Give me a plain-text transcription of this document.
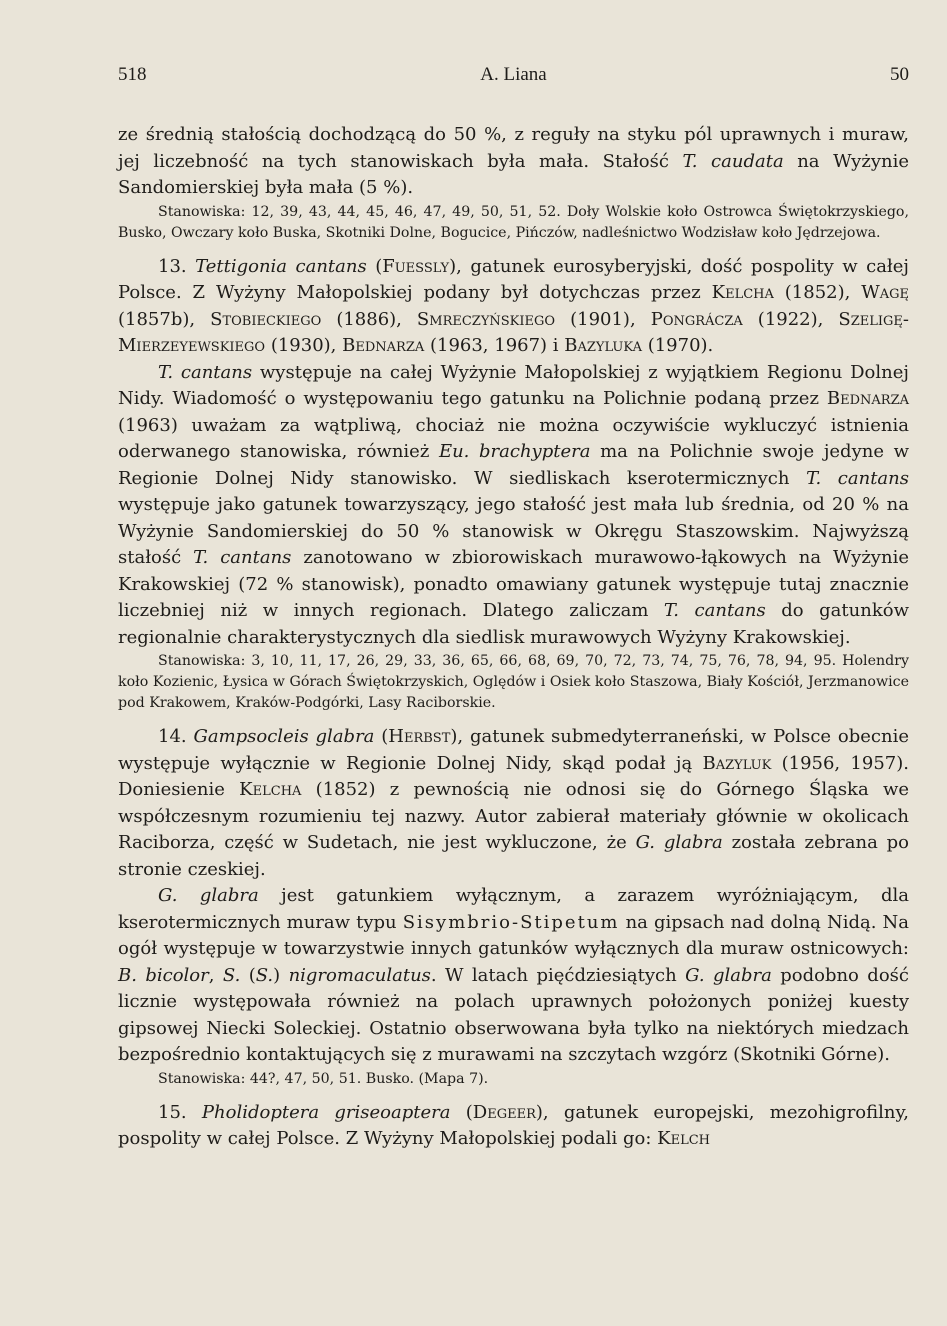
518	A. Liana	50

ze średnią stałością dochodzącą do 50 %, z reguły na styku pól uprawnych i muraw, jej liczebność na tych stanowiskach była mała. Stałość T. caudata na Wyżynie Sandomierskiej była mała (5 %).

Stanowiska: 12, 39, 43, 44, 45, 46, 47, 49, 50, 51, 52. Doły Wolskie koło Ostrowca Świętokrzyskiego, Busko, Owczary koło Buska, Skotniki Dolne, Bogucice, Pińczów, nadleśnictwo Wodzisław koło Jędrzejowa.

13. Tettigonia cantans (Fuessly), gatunek eurosyberyjski, dość pospolity w całej Polsce. Z Wyżyny Małopolskiej podany był dotychczas przez Kelcha (1852), Wagę (1857b), Stobieckiego (1886), Smreczyńskiego (1901), Pongrácza (1922), Szeligę-Mierzeyewskiego (1930), Bednarza (1963, 1967) i Bazyluka (1970).

T. cantans występuje na całej Wyżynie Małopolskiej z wyjątkiem Regionu Dolnej Nidy. Wiadomość o występowaniu tego gatunku na Polichnie podaną przez Bednarza (1963) uważam za wątpliwą, chociaż nie można oczywiście wykluczyć istnienia oderwanego stanowiska, również Eu. brachyptera ma na Polichnie swoje jedyne w Regionie Dolnej Nidy stanowisko. W siedliskach kserotermicznych T. cantans występuje jako gatunek towarzyszący, jego stałość jest mała lub średnia, od 20 % na Wyżynie Sandomierskiej do 50 % stanowisk w Okręgu Staszowskim. Najwyższą stałość T. cantans zanotowano w zbiorowiskach murawowo-łąkowych na Wyżynie Krakowskiej (72 % stanowisk), ponadto omawiany gatunek występuje tutaj znacznie liczebniej niż w innych regionach. Dlatego zaliczam T. cantans do gatunków regionalnie charakterystycznych dla siedlisk murawowych Wyżyny Krakowskiej.

Stanowiska: 3, 10, 11, 17, 26, 29, 33, 36, 65, 66, 68, 69, 70, 72, 73, 74, 75, 76, 78, 94, 95. Holendry koło Kozienic, Łysica w Górach Świętokrzyskich, Oględów i Osiek koło Staszowa, Biały Kościół, Jerzmanowice pod Krakowem, Kraków-Podgórki, Lasy Raciborskie.

14. Gampsocleis glabra (Herbst), gatunek submedyterraneński, w Polsce obecnie występuje wyłącznie w Regionie Dolnej Nidy, skąd podał ją Bazyluk (1956, 1957). Doniesienie Kelcha (1852) z pewnością nie odnosi się do Górnego Śląska we współczesnym rozumieniu tej nazwy. Autor zabierał materiały głównie w okolicach Raciborza, część w Sudetach, nie jest wykluczone, że G. glabra została zebrana po stronie czeskiej.

G. glabra jest gatunkiem wyłącznym, a zarazem wyróżniającym, dla kserotermicznych muraw typu Sisymbrio-Stipetum na gipsach nad dolną Nidą. Na ogół występuje w towarzystwie innych gatunków wyłącznych dla muraw ostnicowych: B. bicolor, S. (S.) nigromaculatus. W latach pięćdziesiątych G. glabra podobno dość licznie występowała również na polach uprawnych położonych poniżej kuesty gipsowej Niecki Soleckiej. Ostatnio obserwowana była tylko na niektórych miedzach bezpośrednio kontaktujących się z murawami na szczytach wzgórz (Skotniki Górne).

Stanowiska: 44?, 47, 50, 51. Busko. (Mapa 7).

15. Pholidoptera griseoaptera (Degeer), gatunek europejski, mezohigrofilny, pospolity w całej Polsce. Z Wyżyny Małopolskiej podali go: Kelch
